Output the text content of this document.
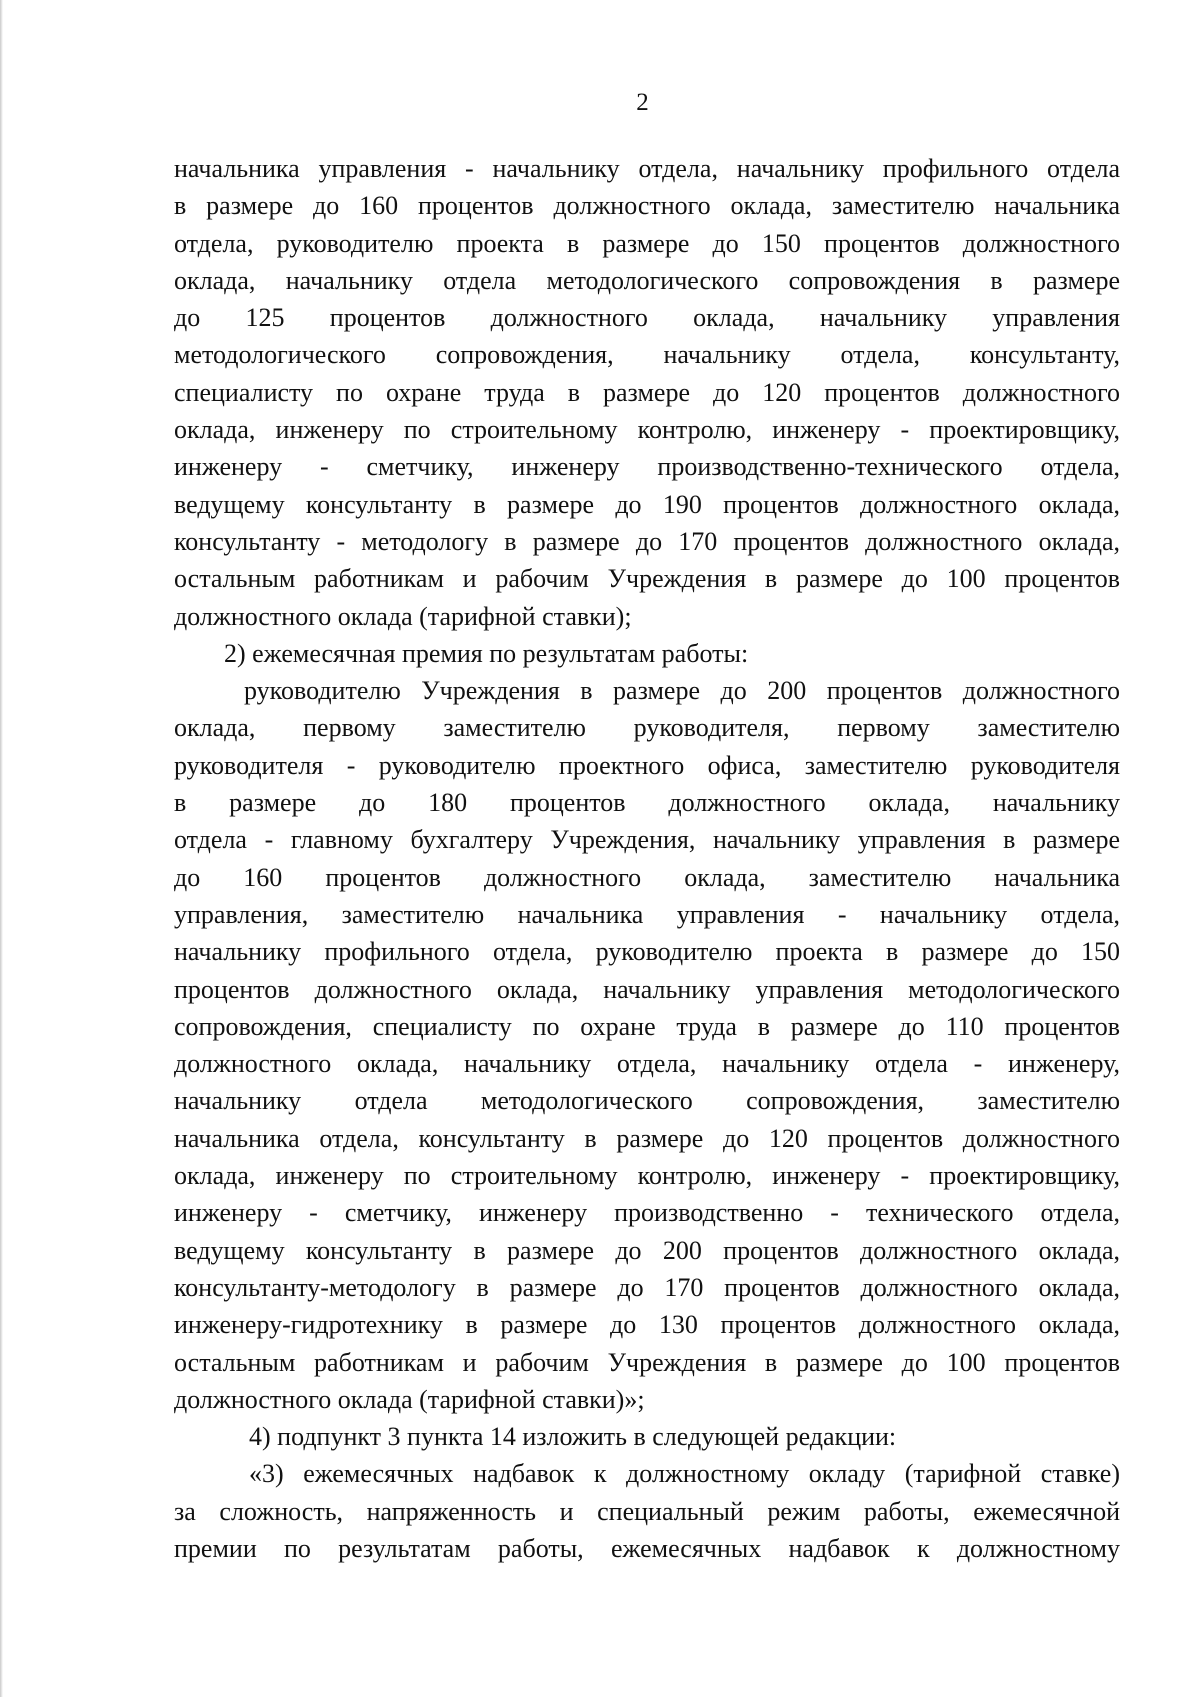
2
начальника управления - начальнику отдела, начальнику профильного отдела
в размере до 160 процентов должностного оклада, заместителю начальника
отдела, руководителю проекта в размере до 150 процентов должностного
оклада, начальнику отдела методологического сопровождения в размере
до 125 процентов должностного оклада, начальнику управления
методологического сопровождения, начальнику отдела, консультанту,
специалисту по охране труда в размере до 120 процентов должностного
оклада, инженеру по строительному контролю, инженеру - проектировщику,
инженеру - сметчику, инженеру производственно-технического отдела,
ведущему консультанту в размере до 190 процентов должностного оклада,
консультанту - методологу в размере до 170 процентов должностного оклада,
остальным работникам и рабочим Учреждения в размере до 100 процентов
должностного оклада (тарифной ставки);
2) ежемесячная премия по результатам работы:
руководителю Учреждения в размере до 200 процентов должностного
оклада, первому заместителю руководителя, первому заместителю
руководителя - руководителю проектного офиса, заместителю руководителя
в размере до 180 процентов должностного оклада, начальнику
отдела - главному бухгалтеру Учреждения, начальнику управления в размере
до 160 процентов должностного оклада, заместителю начальника
управления, заместителю начальника управления - начальнику отдела,
начальнику профильного отдела, руководителю проекта в размере до 150
процентов должностного оклада, начальнику управления методологического
сопровождения, специалисту по охране труда в размере до 110 процентов
должностного оклада, начальнику отдела, начальнику отдела - инженеру,
начальнику отдела методологического сопровождения, заместителю
начальника отдела, консультанту в размере до 120 процентов должностного
оклада, инженеру по строительному контролю, инженеру - проектировщику,
инженеру - сметчику, инженеру производственно - технического отдела,
ведущему консультанту в размере до 200 процентов должностного оклада,
консультанту-методологу в размере до 170 процентов должностного оклада,
инженеру-гидротехнику в размере до 130 процентов должностного оклада,
остальным работникам и рабочим Учреждения в размере до 100 процентов
должностного оклада (тарифной ставки)»;
4) подпункт 3 пункта 14 изложить в следующей редакции:
«3) ежемесячных надбавок к должностному окладу (тарифной ставке)
за сложность, напряженность и специальный режим работы, ежемесячной
премии по результатам работы, ежемесячных надбавок к должностному
